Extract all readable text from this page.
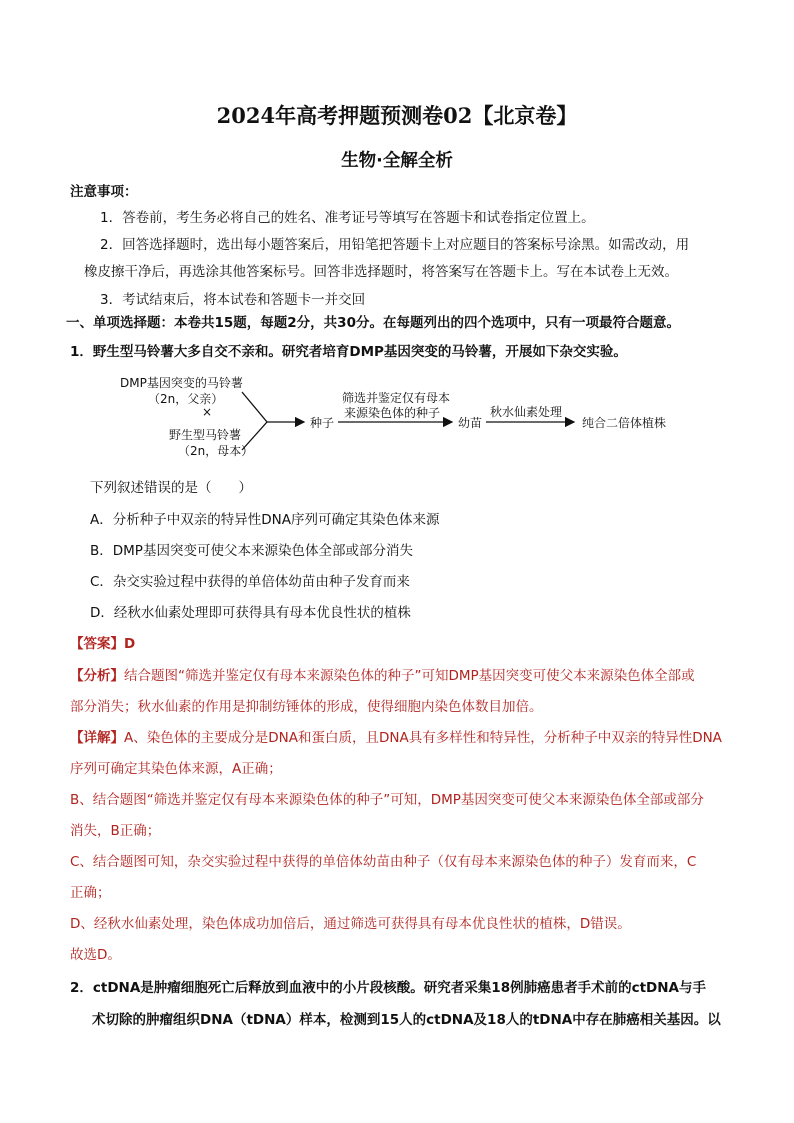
2024年高考押题预测卷02【北京卷】
生物·全解全析
注意事项：
1．答卷前，考生务必将自己的姓名、准考证号等填写在答题卡和试卷指定位置上。
2．回答选择题时，选出每小题答案后，用铅笔把答题卡上对应题目的答案标号涂黑。如需改动，用
橡皮擦干净后，再选涂其他答案标号。回答非选择题时，将答案写在答题卡上。写在本试卷上无效。
3．考试结束后，将本试卷和答题卡一并交回
一、单项选择题：本卷共15题，每题2分，共30分。在每题列出的四个选项中，只有一项最符合题意。
1．野生型马铃薯大多自交不亲和。研究者培育DMP基因突变的马铃薯，开展如下杂交实验。
DMP基因突变的马铃薯
（2n，父亲）
×
野生型马铃薯
（2n，母本）
种子
筛选并鉴定仅有母本
来源染色体的种子
幼苗
秋水仙素处理
纯合二倍体植株
下列叙述错误的是（　　）
A．分析种子中双亲的特异性DNA序列可确定其染色体来源
B．DMP基因突变可使父本来源染色体全部或部分消失
C．杂交实验过程中获得的单倍体幼苗由种子发育而来
D．经秋水仙素处理即可获得具有母本优良性状的植株
【答案】D
【分析】结合题图“筛选并鉴定仅有母本来源染色体的种子”可知DMP基因突变可使父本来源染色体全部或
部分消失；秋水仙素的作用是抑制纺锤体的形成，使得细胞内染色体数目加倍。
【详解】A、染色体的主要成分是DNA和蛋白质，且DNA具有多样性和特异性，分析种子中双亲的特异性DNA
序列可确定其染色体来源，A正确；
B、结合题图“筛选并鉴定仅有母本来源染色体的种子”可知，DMP基因突变可使父本来源染色体全部或部分
消失，B正确；
C、结合题图可知，杂交实验过程中获得的单倍体幼苗由种子（仅有母本来源染色体的种子）发育而来，C
正确；
D、经秋水仙素处理，染色体成功加倍后，通过筛选可获得具有母本优良性状的植株，D错误。
故选D。
2．ctDNA是肿瘤细胞死亡后释放到血液中的小片段核酸。研究者采集18例肺癌患者手术前的ctDNA与手
术切除的肿瘤组织DNA（tDNA）样本，检测到15人的ctDNA及18人的tDNA中存在肺癌相关基因。以
